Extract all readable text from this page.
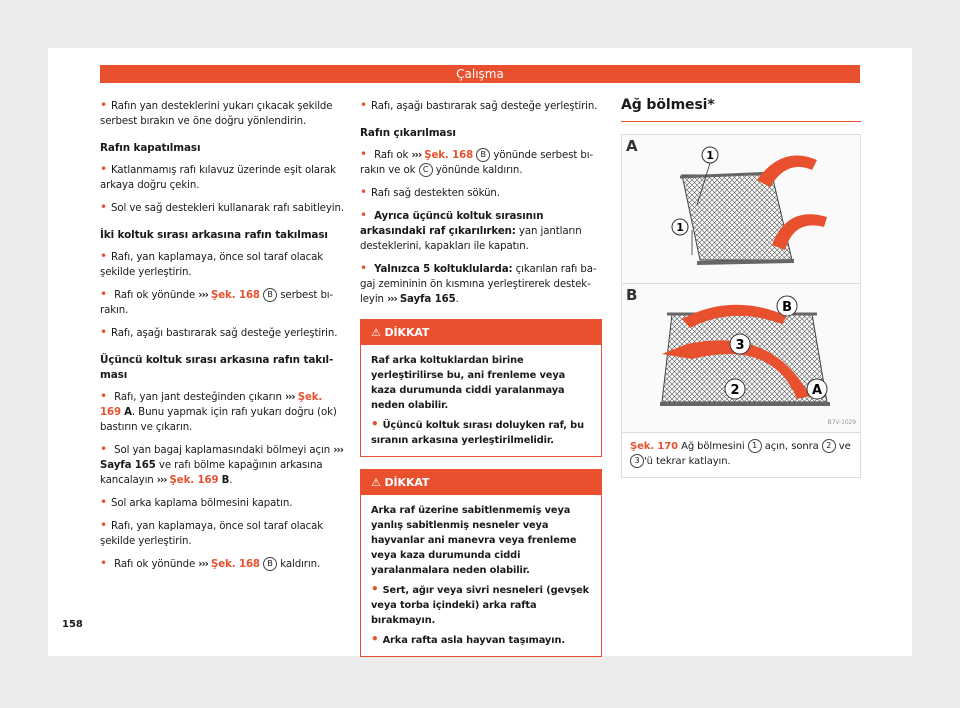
Çalışma

• Rafın yan desteklerini yukarı çıkacak şekilde serbest bırakın ve öne doğru yönlendirin.

Rafın kapatılması

• Katlanmamış rafı kılavuz üzerinde eşit olarak arkaya doğru çekin.

• Sol ve sağ destekleri kullanarak rafı sabitleyin.

İki koltuk sırası arkasına rafın takılması

• Rafı, yan kaplamaya, önce sol taraf olacak şekilde yerleştirin.

• Rafı ok yönünde ››› Şek. 168 B serbest bırakın.

• Rafı, aşağı bastırarak sağ desteğe yerleştirin.

Üçüncü koltuk sırası arkasına rafın takılması

• Rafı, yan jant desteğinden çıkarın ››› Şek. 169 A. Bunu yapmak için rafı yukarı doğru (ok) bastırın ve çıkarın.

• Sol yan bagaj kaplamasındaki bölmeyi açın ››› Sayfa 165 ve rafı bölme kapağının arkasına kancalayın ››› Şek. 169 B.

• Sol arka kaplama bölmesini kapatın.

• Rafı, yan kaplamaya, önce sol taraf olacak şekilde yerleştirin.

• Rafı ok yönünde ››› Şek. 168 B kaldırın.

• Rafı, aşağı bastırarak sağ desteğe yerleştirin.

Rafın çıkarılması

• Rafı ok ››› Şek. 168 B yönünde serbest bırakın ve ok C yönünde kaldırın.

• Rafı sağ destekten sökün.

• Ayrıca üçüncü koltuk sırasının arkasındaki raf çıkarılırken: yan jantların desteklerini, kapakları ile kapatın.

• Yalnızca 5 koltuklularda: çıkarılan rafı bagaj zemininin ön kısmına yerleştirerek destekleyin ››› Sayfa 165.

⚠ DİKKAT

Raf arka koltuklardan birine yerleştirilirse bu, ani frenleme veya kaza durumunda ciddi yaralanmaya neden olabilir.

• Üçüncü koltuk sırası doluyken raf, bu sıranın arkasına yerleştirilmelidir.

⚠ DİKKAT

Arka raf üzerine sabitlenmemiş veya yanlış sabitlenmiş nesneler veya hayvanlar ani manevra veya frenleme veya kaza durumunda ciddi yaralanmalara neden olabilir.

• Sert, ağır veya sivri nesneleri (gevşek veya torba içindeki) arka rafta bırakmayın.

• Arka rafta asla hayvan taşımayın.

Ağ bölmesi*
A
1
1
B
B
3
2	A
B7V-1029
Şek. 170 Ağ bölmesini 1 açın, sonra 2 ve 3 'ü tekrar katlayın.
158
